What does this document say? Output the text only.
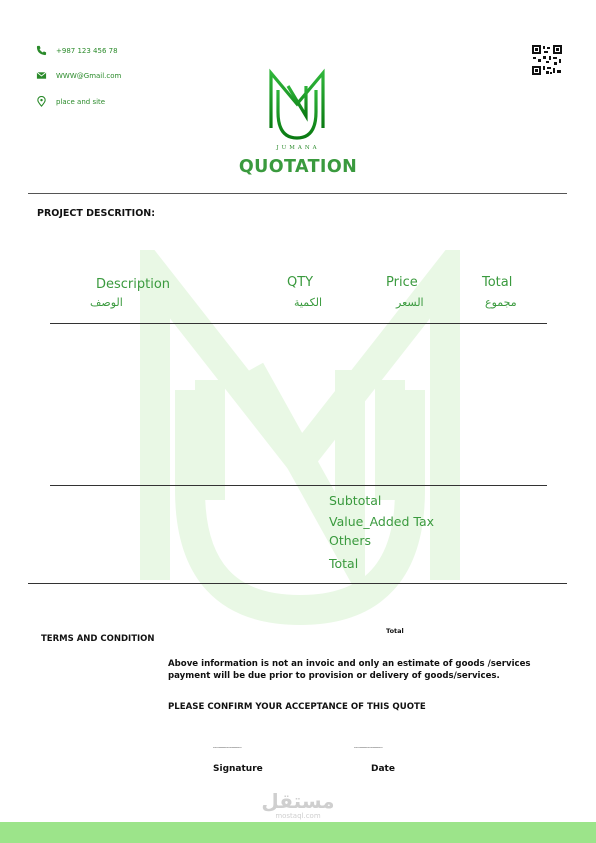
+987 123 456 78
WWW@Gmail.com
place and site
JUMANA
QUOTATION
PROJECT DESCRITION:
Description
الوصف
QTY
الكمية
Price
السعر
Total
مجموع
Subtotal
Value_Added Tax
Others
Total
TERMS AND CONDITION
Total
Above information is not an invoic and only an estimate of goods /services
payment will be due prior to provision or delivery of goods/services.
PLEASE CONFIRM YOUR ACCEPTANCE OF THIS QUOTE
..........................
Signature
..........................
Date
مستقل
mostaql.com
